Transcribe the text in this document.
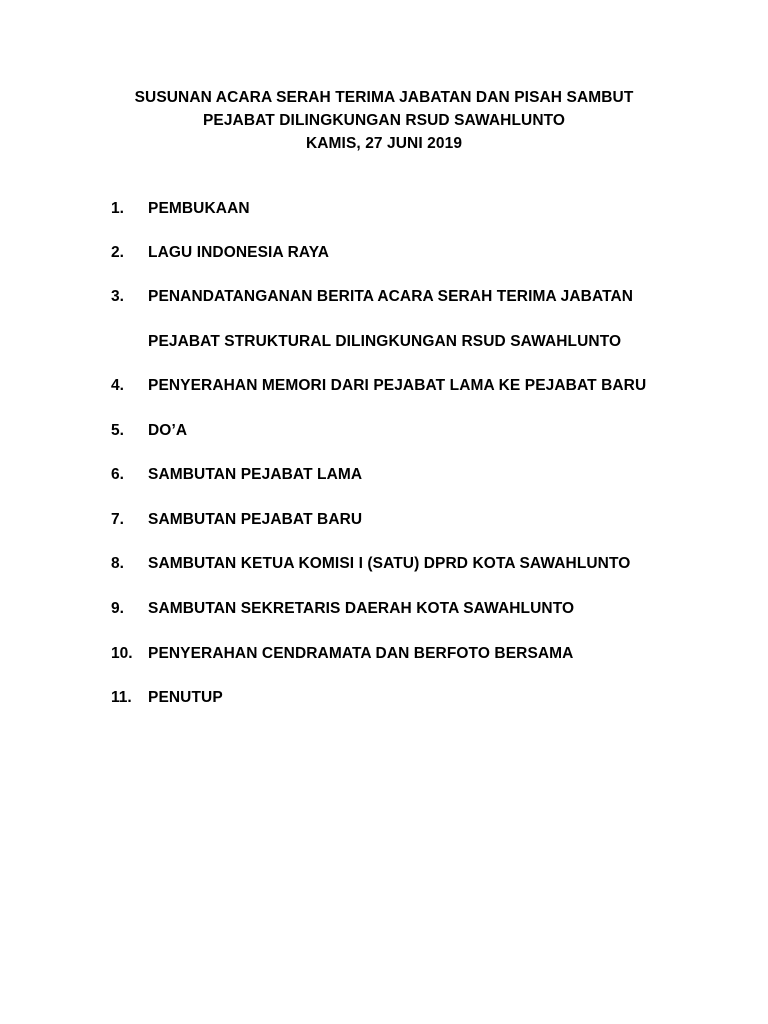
SUSUNAN ACARA SERAH TERIMA JABATAN DAN PISAH SAMBUT
PEJABAT DILINGKUNGAN RSUD SAWAHLUNTO
KAMIS, 27 JUNI 2019
1. PEMBUKAAN
2. LAGU INDONESIA RAYA
3. PENANDATANGANAN BERITA ACARA SERAH TERIMA JABATAN
PEJABAT STRUKTURAL DILINGKUNGAN RSUD SAWAHLUNTO
4. PENYERAHAN MEMORI DARI PEJABAT LAMA KE PEJABAT BARU
5. DO’A
6. SAMBUTAN PEJABAT LAMA
7. SAMBUTAN PEJABAT BARU
8. SAMBUTAN KETUA KOMISI I (SATU) DPRD KOTA SAWAHLUNTO
9. SAMBUTAN SEKRETARIS DAERAH KOTA SAWAHLUNTO
10. PENYERAHAN CENDRAMATA DAN BERFOTO BERSAMA
11. PENUTUP
